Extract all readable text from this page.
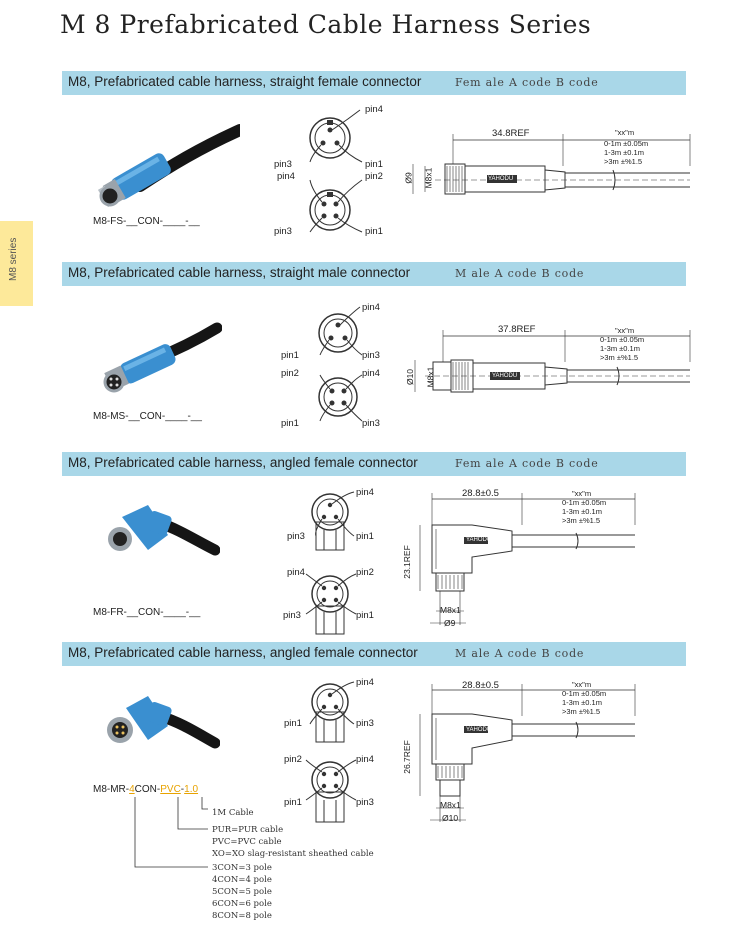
M 8 Prefabricated Cable Harness Series
M8 series
M8, Prefabricated cable harness, straight female connector	Fem ale A code B code
M8-FS-__CON-____-__
pin4
pin3	pin1
pin4	pin2
pin3	pin1
34.8REF	"xx"m
0-1m ±0.05m
1-3m ±0.1m
>3m ±%1.5
Ø9 M8x1	YAHODU
M8, Prefabricated cable harness, straight male connector	M ale A code B code
M8-MS-__CON-____-__
pin4
pin1	pin3
pin2	pin4
pin1	pin3
37.8REF	"xx"m
0-1m ±0.05m
1-3m ±0.1m
>3m ±%1.5
Ø10 M8x1	YAHODU
M8, Prefabricated cable harness, angled female connector	Fem ale A code B code
M8-FR-__CON-____-__
pin4
pin3	pin1
pin4	pin2
pin3	pin1
28.8±0.5	"xx"m
0-1m ±0.05m
1-3m ±0.1m
>3m ±%1.5
23.1REF
M8x1
Ø9
YAHODU
M8, Prefabricated cable harness, angled female connector	M ale A code B code
M8-MR-4CON-PVC-1.0
1M Cable
PUR=PUR cable
PVC=PVC cable
XO=XO slag-resistant sheathed cable
3CON=3 pole
4CON=4 pole
5CON=5 pole
6CON=6 pole
8CON=8 pole
pin4
pin1	pin3
pin2	pin4
pin1	pin3
28.8±0.5	"xx"m
0-1m ±0.05m
1-3m ±0.1m
>3m ±%1.5
26.7REF
M8x1
Ø10
YAHODU
